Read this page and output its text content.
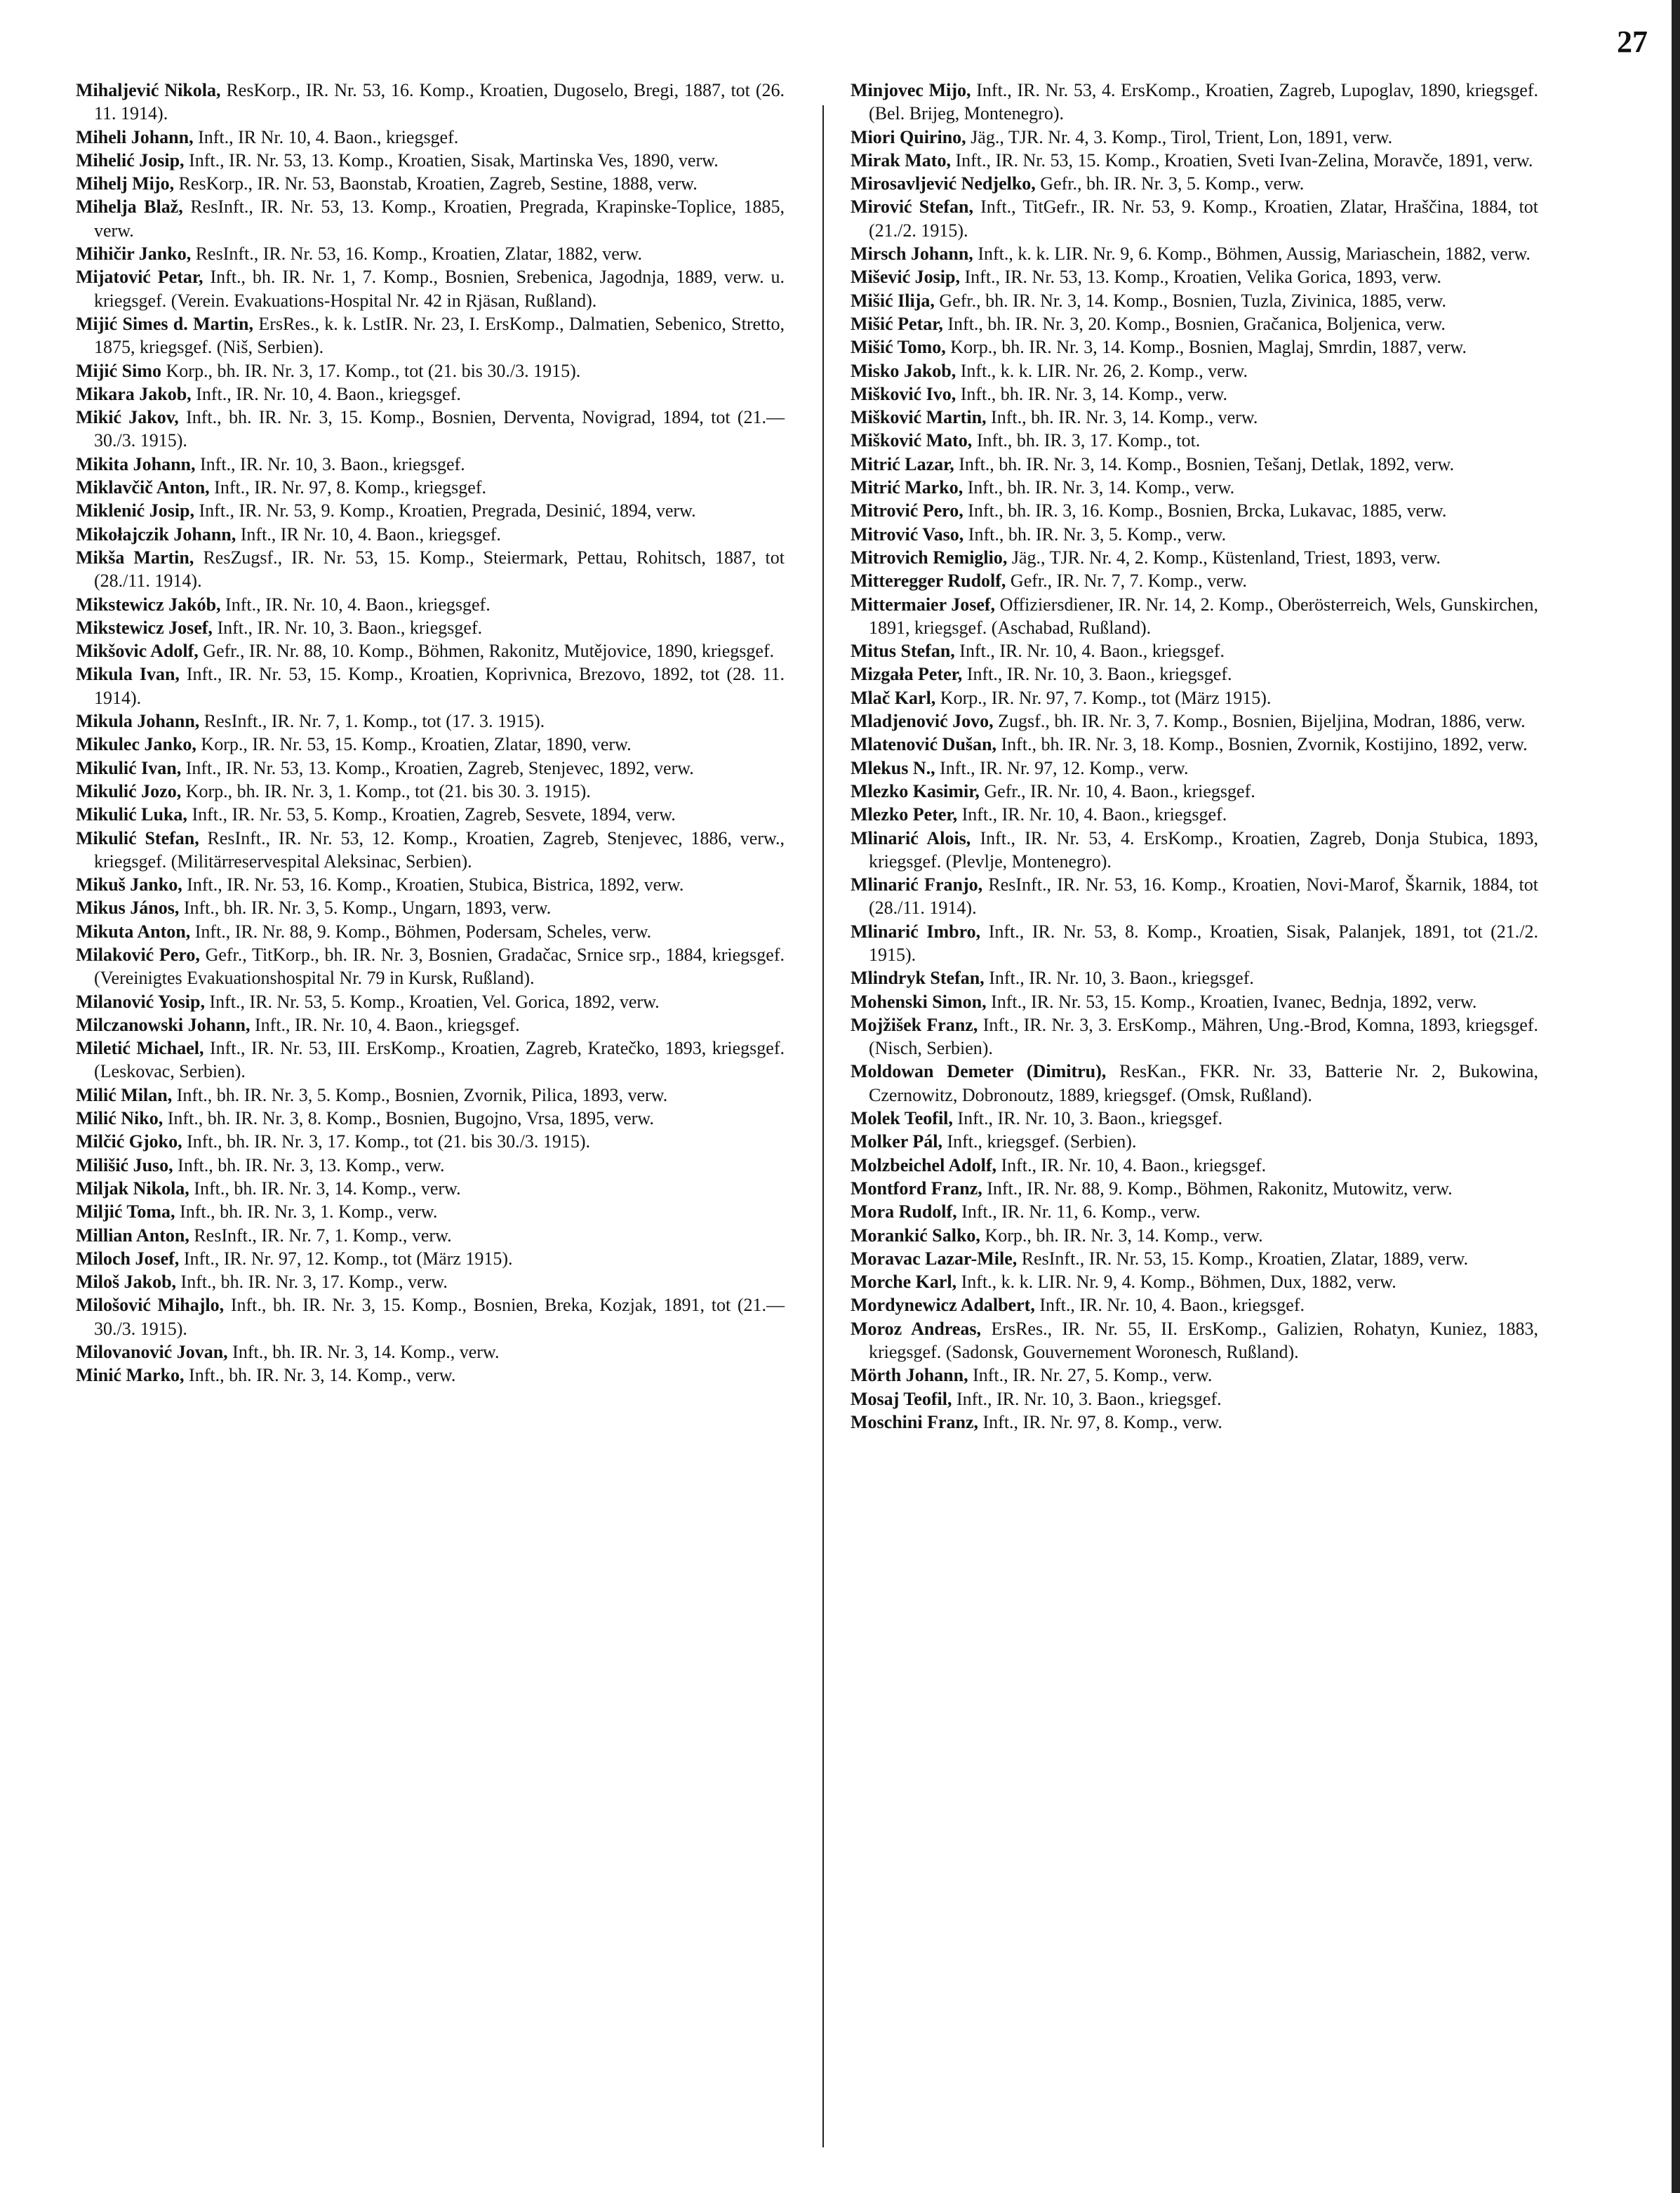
27

Mihaljević Nikola, ResKorp., IR. Nr. 53, 16. Komp., Kroatien, Dugoselo, Bregi, 1887, tot (26. 11. 1914).

Miheli Johann, Inft., IR Nr. 10, 4. Baon., kriegsgef.

Mihelić Josip, Inft., IR. Nr. 53, 13. Komp., Kroatien, Sisak, Martinska Ves, 1890, verw.

Mihelj Mijo, ResKorp., IR. Nr. 53, Baonstab, Kroatien, Zagreb, Sestine, 1888, verw.

Mihelja Blaž, ResInft., IR. Nr. 53, 13. Komp., Kroatien, Pregrada, Krapinske-Toplice, 1885, verw.

Mihičir Janko, ResInft., IR. Nr. 53, 16. Komp., Kroatien, Zlatar, 1882, verw.

Mijatović Petar, Inft., bh. IR. Nr. 1, 7. Komp., Bosnien, Srebenica, Jagodnja, 1889, verw. u. kriegsgef. (Verein. Evakuations-Hospital Nr. 42 in Rjäsan, Rußland).

Mijić Simes d. Martin, ErsRes., k. k. LstIR. Nr. 23, I. ErsKomp., Dalmatien, Sebenico, Stretto, 1875, kriegsgef. (Niš, Serbien).

Mijić Simo Korp., bh. IR. Nr. 3, 17. Komp., tot (21. bis 30./3. 1915).

Mikara Jakob, Inft., IR. Nr. 10, 4. Baon., kriegsgef.

Mikić Jakov, Inft., bh. IR. Nr. 3, 15. Komp., Bosnien, Derventa, Novigrad, 1894, tot (21.—30./3. 1915).

Mikita Johann, Inft., IR. Nr. 10, 3. Baon., kriegsgef.

Miklavčič Anton, Inft., IR. Nr. 97, 8. Komp., kriegsgef.

Miklenić Josip, Inft., IR. Nr. 53, 9. Komp., Kroatien, Pregrada, Desinić, 1894, verw.

Mikołajczik Johann, Inft., IR Nr. 10, 4. Baon., kriegsgef.

Mikša Martin, ResZugsf., IR. Nr. 53, 15. Komp., Steiermark, Pettau, Rohitsch, 1887, tot (28./11. 1914).

Mikstewicz Jakób, Inft., IR. Nr. 10, 4. Baon., kriegsgef.

Mikstewicz Josef, Inft., IR. Nr. 10, 3. Baon., kriegsgef.

Mikšovic Adolf, Gefr., IR. Nr. 88, 10. Komp., Böhmen, Rakonitz, Mutějovice, 1890, kriegsgef.

Mikula Ivan, Inft., IR. Nr. 53, 15. Komp., Kroatien, Koprivnica, Brezovo, 1892, tot (28. 11. 1914).

Mikula Johann, ResInft., IR. Nr. 7, 1. Komp., tot (17. 3. 1915).

Mikulec Janko, Korp., IR. Nr. 53, 15. Komp., Kroatien, Zlatar, 1890, verw.

Mikulić Ivan, Inft., IR. Nr. 53, 13. Komp., Kroatien, Zagreb, Stenjevec, 1892, verw.

Mikulić Jozo, Korp., bh. IR. Nr. 3, 1. Komp., tot (21. bis 30. 3. 1915).

Mikulić Luka, Inft., IR. Nr. 53, 5. Komp., Kroatien, Zagreb, Sesvete, 1894, verw.

Mikulić Stefan, ResInft., IR. Nr. 53, 12. Komp., Kroatien, Zagreb, Stenjevec, 1886, verw., kriegsgef. (Militärreservespital Aleksinac, Serbien).

Mikuš Janko, Inft., IR. Nr. 53, 16. Komp., Kroatien, Stubica, Bistrica, 1892, verw.

Mikus János, Inft., bh. IR. Nr. 3, 5. Komp., Ungarn, 1893, verw.

Mikuta Anton, Inft., IR. Nr. 88, 9. Komp., Böhmen, Podersam, Scheles, verw.

Milaković Pero, Gefr., TitKorp., bh. IR. Nr. 3, Bosnien, Gradačac, Srnice srp., 1884, kriegsgef. (Vereinigtes Evakuationshospital Nr. 79 in Kursk, Rußland).

Milanović Yosip, Inft., IR. Nr. 53, 5. Komp., Kroatien, Vel. Gorica, 1892, verw.

Milczanowski Johann, Inft., IR. Nr. 10, 4. Baon., kriegsgef.

Miletić Michael, Inft., IR. Nr. 53, III. ErsKomp., Kroatien, Zagreb, Kratečko, 1893, kriegsgef. (Leskovac, Serbien).

Milić Milan, Inft., bh. IR. Nr. 3, 5. Komp., Bosnien, Zvornik, Pilica, 1893, verw.

Milić Niko, Inft., bh. IR. Nr. 3, 8. Komp., Bosnien, Bugojno, Vrsa, 1895, verw.

Milčić Gjoko, Inft., bh. IR. Nr. 3, 17. Komp., tot (21. bis 30./3. 1915).

Milišić Juso, Inft., bh. IR. Nr. 3, 13. Komp., verw.

Miljak Nikola, Inft., bh. IR. Nr. 3, 14. Komp., verw.

Miljić Toma, Inft., bh. IR. Nr. 3, 1. Komp., verw.

Millian Anton, ResInft., IR. Nr. 7, 1. Komp., verw.

Miloch Josef, Inft., IR. Nr. 97, 12. Komp., tot (März 1915).

Miloš Jakob, Inft., bh. IR. Nr. 3, 17. Komp., verw.

Milošović Mihajlo, Inft., bh. IR. Nr. 3, 15. Komp., Bosnien, Breka, Kozjak, 1891, tot (21.—30./3. 1915).

Milovanović Jovan, Inft., bh. IR. Nr. 3, 14. Komp., verw.

Minić Marko, Inft., bh. IR. Nr. 3, 14. Komp., verw.

Minjovec Mijo, Inft., IR. Nr. 53, 4. ErsKomp., Kroatien, Zagreb, Lupoglav, 1890, kriegsgef. (Bel. Brijeg, Montenegro).

Miori Quirino, Jäg., TJR. Nr. 4, 3. Komp., Tirol, Trient, Lon, 1891, verw.

Mirak Mato, Inft., IR. Nr. 53, 15. Komp., Kroatien, Sveti Ivan-Zelina, Moravče, 1891, verw.

Mirosavljević Nedjelko, Gefr., bh. IR. Nr. 3, 5. Komp., verw.

Mirović Stefan, Inft., TitGefr., IR. Nr. 53, 9. Komp., Kroatien, Zlatar, Hraščina, 1884, tot (21./2. 1915).

Mirsch Johann, Inft., k. k. LIR. Nr. 9, 6. Komp., Böhmen, Aussig, Mariaschein, 1882, verw.

Mišević Josip, Inft., IR. Nr. 53, 13. Komp., Kroatien, Velika Gorica, 1893, verw.

Mišić Ilija, Gefr., bh. IR. Nr. 3, 14. Komp., Bosnien, Tuzla, Zivinica, 1885, verw.

Mišić Petar, Inft., bh. IR. Nr. 3, 20. Komp., Bosnien, Gračanica, Boljenica, verw.

Mišić Tomo, Korp., bh. IR. Nr. 3, 14. Komp., Bosnien, Maglaj, Smrdin, 1887, verw.

Misko Jakob, Inft., k. k. LIR. Nr. 26, 2. Komp., verw.

Mišković Ivo, Inft., bh. IR. Nr. 3, 14. Komp., verw.

Mišković Martin, Inft., bh. IR. Nr. 3, 14. Komp., verw.

Mišković Mato, Inft., bh. IR. 3, 17. Komp., tot.

Mitrić Lazar, Inft., bh. IR. Nr. 3, 14. Komp., Bosnien, Tešanj, Detlak, 1892, verw.

Mitrić Marko, Inft., bh. IR. Nr. 3, 14. Komp., verw.

Mitrović Pero, Inft., bh. IR. 3, 16. Komp., Bosnien, Brcka, Lukavac, 1885, verw.

Mitrović Vaso, Inft., bh. IR. Nr. 3, 5. Komp., verw.

Mitrovich Remiglio, Jäg., TJR. Nr. 4, 2. Komp., Küstenland, Triest, 1893, verw.

Mitteregger Rudolf, Gefr., IR. Nr. 7, 7. Komp., verw.

Mittermaier Josef, Offiziersdiener, IR. Nr. 14, 2. Komp., Oberösterreich, Wels, Gunskirchen, 1891, kriegsgef. (Aschabad, Rußland).

Mitus Stefan, Inft., IR. Nr. 10, 4. Baon., kriegsgef.

Mizgała Peter, Inft., IR. Nr. 10, 3. Baon., kriegsgef.

Mlač Karl, Korp., IR. Nr. 97, 7. Komp., tot (März 1915).

Mladjenović Jovo, Zugsf., bh. IR. Nr. 3, 7. Komp., Bosnien, Bijeljina, Modran, 1886, verw.

Mlatenović Dušan, Inft., bh. IR. Nr. 3, 18. Komp., Bosnien, Zvornik, Kostijino, 1892, verw.

Mlekus N., Inft., IR. Nr. 97, 12. Komp., verw.

Mlezko Kasimir, Gefr., IR. Nr. 10, 4. Baon., kriegsgef.

Mlezko Peter, Inft., IR. Nr. 10, 4. Baon., kriegsgef.

Mlinarić Alois, Inft., IR. Nr. 53, 4. ErsKomp., Kroatien, Zagreb, Donja Stubica, 1893, kriegsgef. (Plevlje, Montenegro).

Mlinarić Franjo, ResInft., IR. Nr. 53, 16. Komp., Kroatien, Novi-Marof, Škarnik, 1884, tot (28./11. 1914).

Mlinarić Imbro, Inft., IR. Nr. 53, 8. Komp., Kroatien, Sisak, Palanjek, 1891, tot (21./2. 1915).

Mlindryk Stefan, Inft., IR. Nr. 10, 3. Baon., kriegsgef.

Mohenski Simon, Inft., IR. Nr. 53, 15. Komp., Kroatien, Ivanec, Bednja, 1892, verw.

Mojžišek Franz, Inft., IR. Nr. 3, 3. ErsKomp., Mähren, Ung.-Brod, Komna, 1893, kriegsgef. (Nisch, Serbien).

Moldowan Demeter (Dimitru), ResKan., FKR. Nr. 33, Batterie Nr. 2, Bukowina, Czernowitz, Dobronoutz, 1889, kriegsgef. (Omsk, Rußland).

Molek Teofil, Inft., IR. Nr. 10, 3. Baon., kriegsgef.

Molker Pál, Inft., kriegsgef. (Serbien).

Molzbeichel Adolf, Inft., IR. Nr. 10, 4. Baon., kriegsgef.

Montford Franz, Inft., IR. Nr. 88, 9. Komp., Böhmen, Rakonitz, Mutowitz, verw.

Mora Rudolf, Inft., IR. Nr. 11, 6. Komp., verw.

Morankić Salko, Korp., bh. IR. Nr. 3, 14. Komp., verw.

Moravac Lazar-Mile, ResInft., IR. Nr. 53, 15. Komp., Kroatien, Zlatar, 1889, verw.

Morche Karl, Inft., k. k. LIR. Nr. 9, 4. Komp., Böhmen, Dux, 1882, verw.

Mordynewicz Adalbert, Inft., IR. Nr. 10, 4. Baon., kriegsgef.

Moroz Andreas, ErsRes., IR. Nr. 55, II. ErsKomp., Galizien, Rohatyn, Kuniez, 1883, kriegsgef. (Sadonsk, Gouvernement Woronesch, Rußland).

Mörth Johann, Inft., IR. Nr. 27, 5. Komp., verw.

Mosaj Teofil, Inft., IR. Nr. 10, 3. Baon., kriegsgef.

Moschini Franz, Inft., IR. Nr. 97, 8. Komp., verw.
